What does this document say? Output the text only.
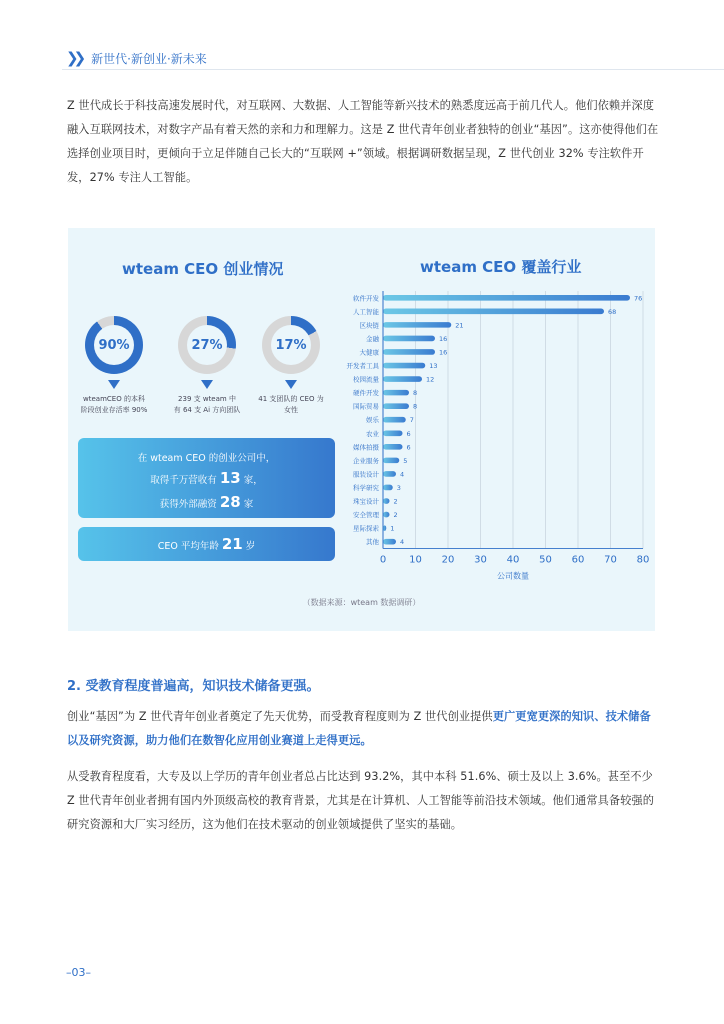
❯❯ 新世代·新创业·新未来
Z 世代成长于科技高速发展时代，对互联网、大数据、人工智能等新兴技术的熟悉度远高于前几代人。他们依赖并深度融入互联网技术，对数字产品有着天然的亲和力和理解力。这是 Z 世代青年创业者独特的创业“基因”。这亦使得他们在选择创业项目时，更倾向于立足伴随自己长大的“互联网 +”领域。根据调研数据呈现，Z 世代创业 32% 专注软件开发，27% 专注人工智能。
wteam CEO 创业情况	wteam CEO 覆盖行业
90%
wteamCEO 的本科
阶段创业存活率 90%
27%
239 支 wteam 中
有 64 支 Ai 方向团队
17%
41 支团队的 CEO 为
女性
在 wteam CEO 的创业公司中，
取得千万营收有 13 家，
获得外部融资 28 家
CEO 平均年龄 21 岁
0 10 20 30 40 50 60 70 80
软件开发	76
人工智能	68
区块链	21
金融	16
大健康	16
开发者工具	13
校园流量	12
硬件开发	8
国际贸易	8
娱乐	7
农业	6
媒体拍摄	6
企业服务	5
服装设计	4
科学研究	3
珠宝设计 2
安全管理 2
星际探索 1
其他	4
公司数量
（数据来源：wteam 数据调研）
2. 受教育程度普遍高，知识技术储备更强。
创业“基因”为 Z 世代青年创业者奠定了先天优势，而受教育程度则为 Z 世代创业提供更广更宽更深的知识、技术储备以及研究资源，助力他们在数智化应用创业赛道上走得更远。
从受教育程度看，大专及以上学历的青年创业者总占比达到 93.2%，其中本科 51.6%、硕士及以上 3.6%。甚至不少 Z 世代青年创业者拥有国内外顶级高校的教育背景，尤其是在计算机、人工智能等前沿技术领域。他们通常具备较强的研究资源和大厂实习经历，这为他们在技术驱动的创业领域提供了坚实的基础。
–03–
